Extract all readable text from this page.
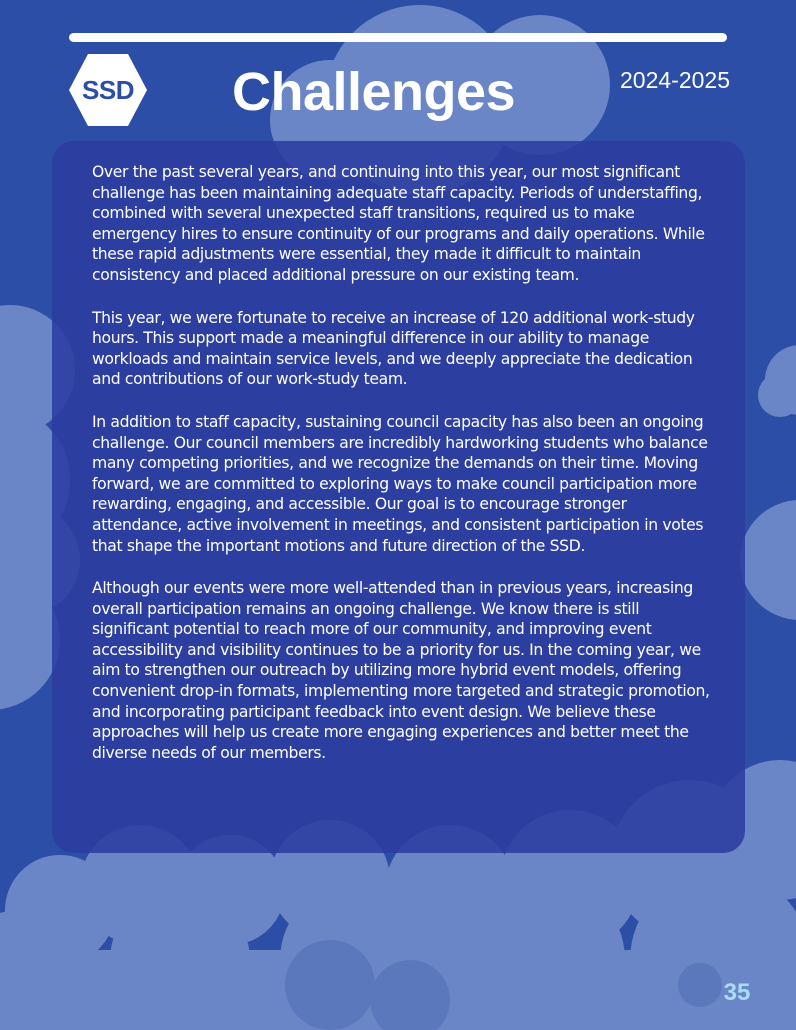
SSD Challenges	2024-2025

Over the past several years, and continuing into this year, our most significant challenge has been maintaining adequate staff capacity. Periods of understaffing, combined with several unexpected staff transitions, required us to make emergency hires to ensure continuity of our programs and daily operations. While these rapid adjustments were essential, they made it difficult to maintain consistency and placed additional pressure on our existing team.

This year, we were fortunate to receive an increase of 120 additional work-study hours. This support made a meaningful difference in our ability to manage workloads and maintain service levels, and we deeply appreciate the dedication and contributions of our work-study team.

In addition to staff capacity, sustaining council capacity has also been an ongoing challenge. Our council members are incredibly hardworking students who balance many competing priorities, and we recognize the demands on their time. Moving forward, we are committed to exploring ways to make council participation more rewarding, engaging, and accessible. Our goal is to encourage stronger attendance, active involvement in meetings, and consistent participation in votes that shape the important motions and future direction of the SSD.

Although our events were more well-attended than in previous years, increasing overall participation remains an ongoing challenge. We know there is still significant potential to reach more of our community, and improving event accessibility and visibility continues to be a priority for us. In the coming year, we aim to strengthen our outreach by utilizing more hybrid event models, offering convenient drop-in formats, implementing more targeted and strategic promotion, and incorporating participant feedback into event design. We believe these approaches will help us create more engaging experiences and better meet the diverse needs of our members.

35
